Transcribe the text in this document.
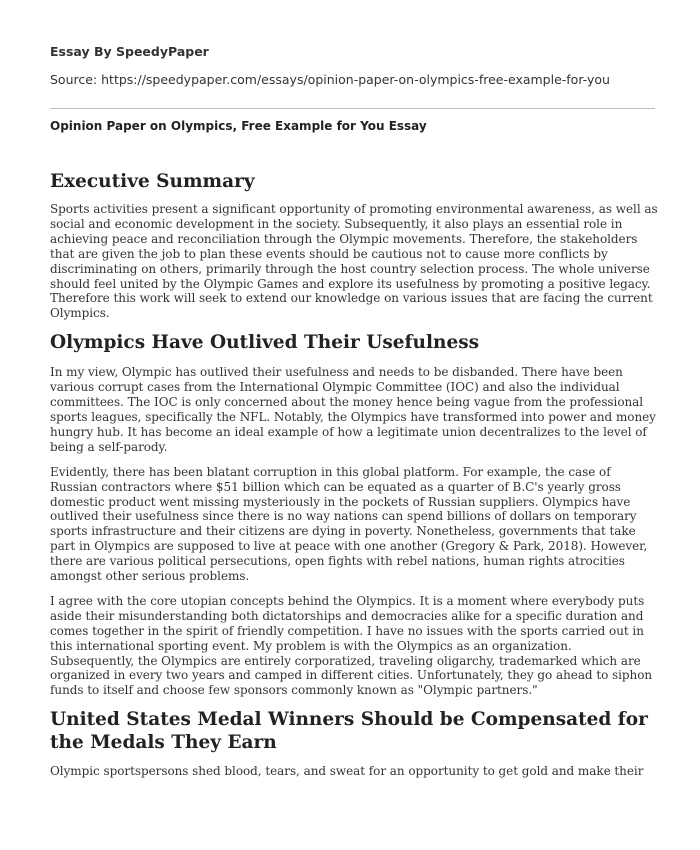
Essay By SpeedyPaper
Source: https://speedypaper.com/essays/opinion-paper-on-olympics-free-example-for-you
Opinion Paper on Olympics, Free Example for You Essay
Executive Summary

Sports activities present a significant opportunity of promoting environmental awareness, as well as social and economic development in the society. Subsequently, it also plays an essential role in achieving peace and reconciliation through the Olympic movements. Therefore, the stakeholders that are given the job to plan these events should be cautious not to cause more conflicts by discriminating on others, primarily through the host country selection process. The whole universe should feel united by the Olympic Games and explore its usefulness by promoting a positive legacy. Therefore this work will seek to extend our knowledge on various issues that are facing the current Olympics.

Olympics Have Outlived Their Usefulness

In my view, Olympic has outlived their usefulness and needs to be disbanded. There have been various corrupt cases from the International Olympic Committee (IOC) and also the individual committees. The IOC is only concerned about the money hence being vague from the professional sports leagues, specifically the NFL. Notably, the Olympics have transformed into power and money hungry hub. It has become an ideal example of how a legitimate union decentralizes to the level of being a self-parody.

Evidently, there has been blatant corruption in this global platform. For example, the case of Russian contractors where $51 billion which can be equated as a quarter of B.C's yearly gross domestic product went missing mysteriously in the pockets of Russian suppliers. Olympics have outlived their usefulness since there is no way nations can spend billions of dollars on temporary sports infrastructure and their citizens are dying in poverty. Nonetheless, governments that take part in Olympics are supposed to live at peace with one another (Gregory & Park, 2018). However, there are various political persecutions, open fights with rebel nations, human rights atrocities amongst other serious problems.

I agree with the core utopian concepts behind the Olympics. It is a moment where everybody puts aside their misunderstanding both dictatorships and democracies alike for a specific duration and comes together in the spirit of friendly competition. I have no issues with the sports carried out in this international sporting event. My problem is with the Olympics as an organization. Subsequently, the Olympics are entirely corporatized, traveling oligarchy, trademarked which are organized in every two years and camped in different cities. Unfortunately, they go ahead to siphon funds to itself and choose few sponsors commonly known as "Olympic partners."

United States Medal Winners Should be Compensated for the Medals They Earn

Olympic sportspersons shed blood, tears, and sweat for an opportunity to get gold and make their
